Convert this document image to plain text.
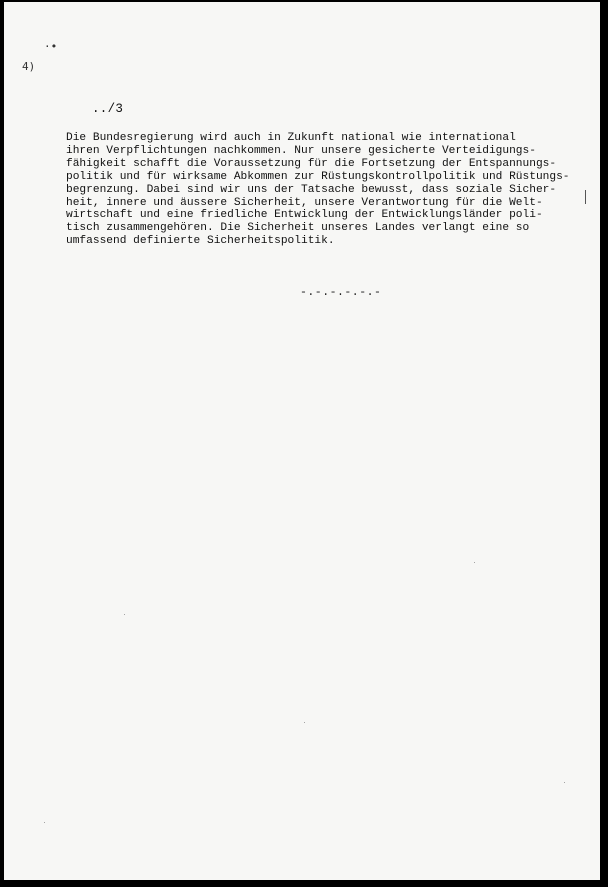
·•
4)
../3
Die Bundesregierung wird auch in Zukunft national wie international
ihren Verpflichtungen nachkommen. Nur unsere gesicherte Verteidigungs-
fähigkeit schafft die Voraussetzung für die Fortsetzung der Entspannungs-
politik und für wirksame Abkommen zur Rüstungskontrollpolitik und Rüstungs-
begrenzung. Dabei sind wir uns der Tatsache bewusst, dass soziale Sicher-
heit, innere und äussere Sicherheit, unsere Verantwortung für die Welt-
wirtschaft und eine friedliche Entwicklung der Entwicklungsländer poli-
tisch zusammengehören. Die Sicherheit unseres Landes verlangt eine so
umfassend definierte Sicherheitspolitik.
-.-.-.-.-.-
